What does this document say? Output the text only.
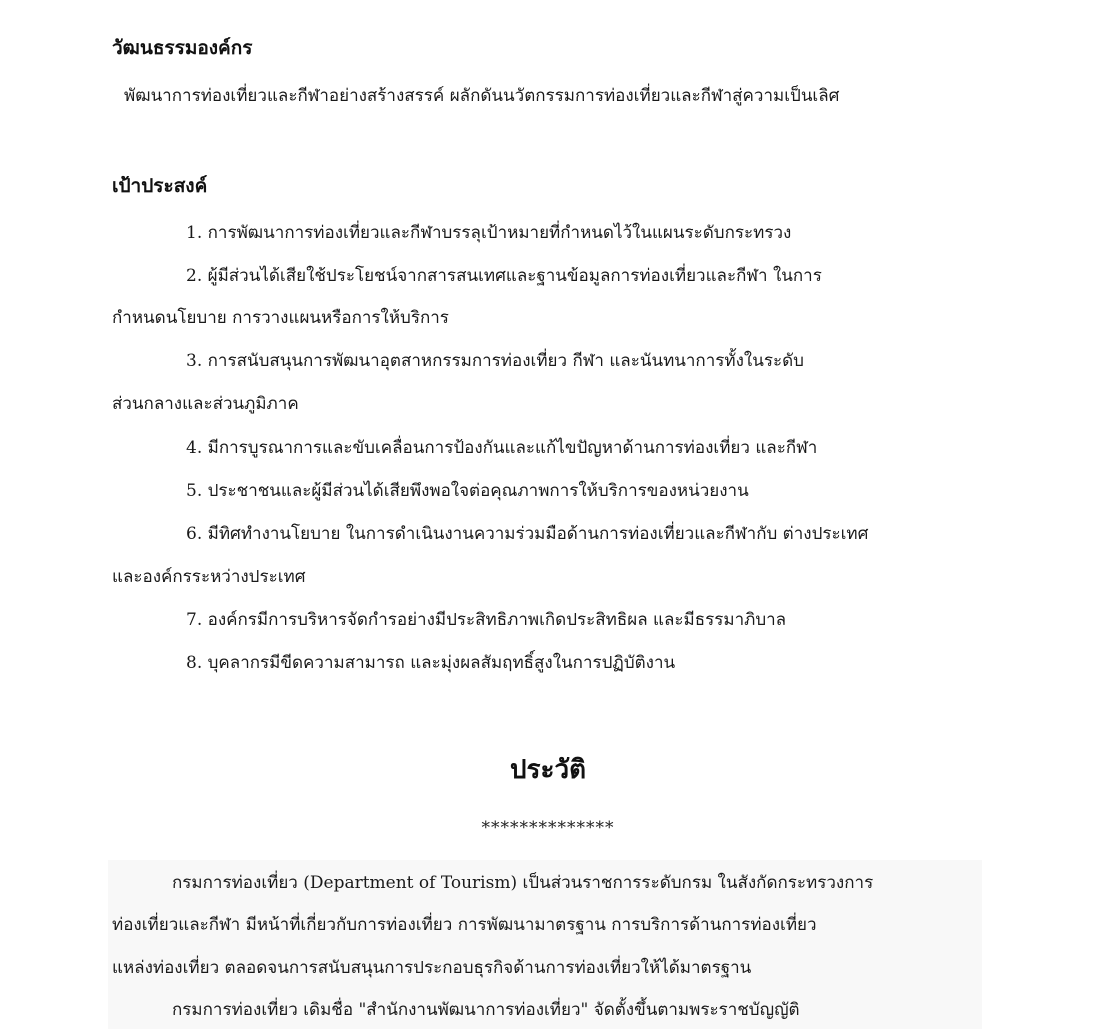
วัฒนธรรมองค์กร
พัฒนาการท่องเที่ยวและกีฬาอย่างสร้างสรรค์ ผลักดันนวัตกรรมการท่องเที่ยวและกีฬาสู่ความเป็นเลิศ
เป้าประสงค์
1. การพัฒนาการท่องเที่ยวและกีฬาบรรลุเป้าหมายที่กำหนดไว้ในแผนระดับกระทรวง
2. ผู้มีส่วนได้เสียใช้ประโยชน์จากสารสนเทศและฐานข้อมูลการท่องเที่ยวและกีฬา ในการ
กำหนดนโยบาย การวางแผนหรือการให้บริการ
3. การสนับสนุนการพัฒนาอุตสาหกรรมการท่องเที่ยว กีฬา และนันทนาการทั้งในระดับ
ส่วนกลางและส่วนภูมิภาค
4. มีการบูรณาการและขับเคลื่อนการป้องกันและแก้ไขปัญหาด้านการท่องเที่ยว และกีฬา
5. ประชาชนและผู้มีส่วนได้เสียพึงพอใจต่อคุณภาพการให้บริการของหน่วยงาน
6. มีทิศทำงานโยบาย ในการดำเนินงานความร่วมมือด้านการท่องเที่ยวและกีฬากับ ต่างประเทศ
และองค์กรระหว่างประเทศ
7. องค์กรมีการบริหารจัดกำรอย่างมีประสิทธิภาพเกิดประสิทธิผล และมีธรรมาภิบาล
8. บุคลากรมีขีดความสามารถ และมุ่งผลสัมฤทธิ์สูงในการปฏิบัติงาน
ประวัติ
**************
กรมการท่องเที่ยว (Department of Tourism) เป็นส่วนราชการระดับกรม ในสังกัดกระทรวงการ
ท่องเที่ยวและกีฬา มีหน้าที่เกี่ยวกับการท่องเที่ยว การพัฒนามาตรฐาน การบริการด้านการท่องเที่ยว
แหล่งท่องเที่ยว ตลอดจนการสนับสนุนการประกอบธุรกิจด้านการท่องเที่ยวให้ได้มาตรฐาน
กรมการท่องเที่ยว เดิมชื่อ "สำนักงานพัฒนาการท่องเที่ยว" จัดตั้งขึ้นตามพระราชบัญญัติ
